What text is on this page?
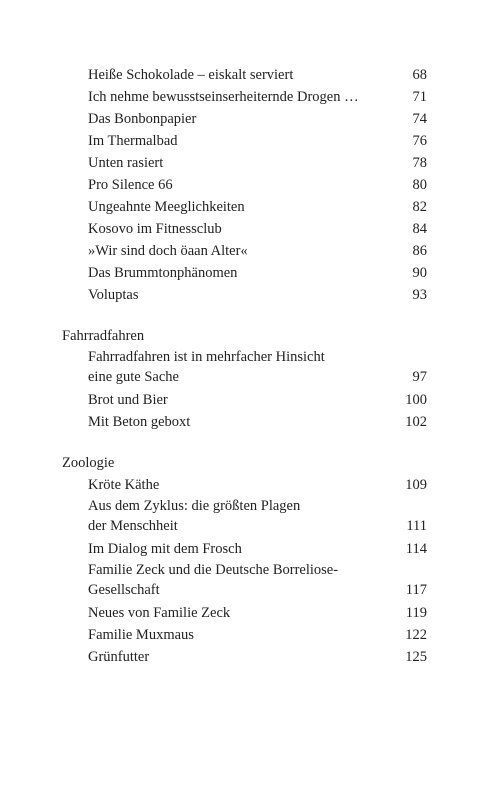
Heiße Schokolade – eiskalt serviert	68
Ich nehme bewusstseinserheiternde Drogen …	71
Das Bonbonpapier	74
Im Thermalbad	76
Unten rasiert	78
Pro Silence 66	80
Ungeahnte Meeglichkeiten	82
Kosovo im Fitnessclub	84
»Wir sind doch öaan Alter«	86
Das Brummtonphänomen	90
Voluptas	93
Fahrradfahren
Fahrradfahren ist in mehrfacher Hinsicht
eine gute Sache	97
Brot und Bier	100
Mit Beton geboxt	102
Zoologie
Kröte Käthe	109
Aus dem Zyklus: die größten Plagen
der Menschheit	111
Im Dialog mit dem Frosch	114
Familie Zeck und die Deutsche Borreliose-
Gesellschaft	117
Neues von Familie Zeck	119
Familie Muxmaus	122
Grünfutter	125
